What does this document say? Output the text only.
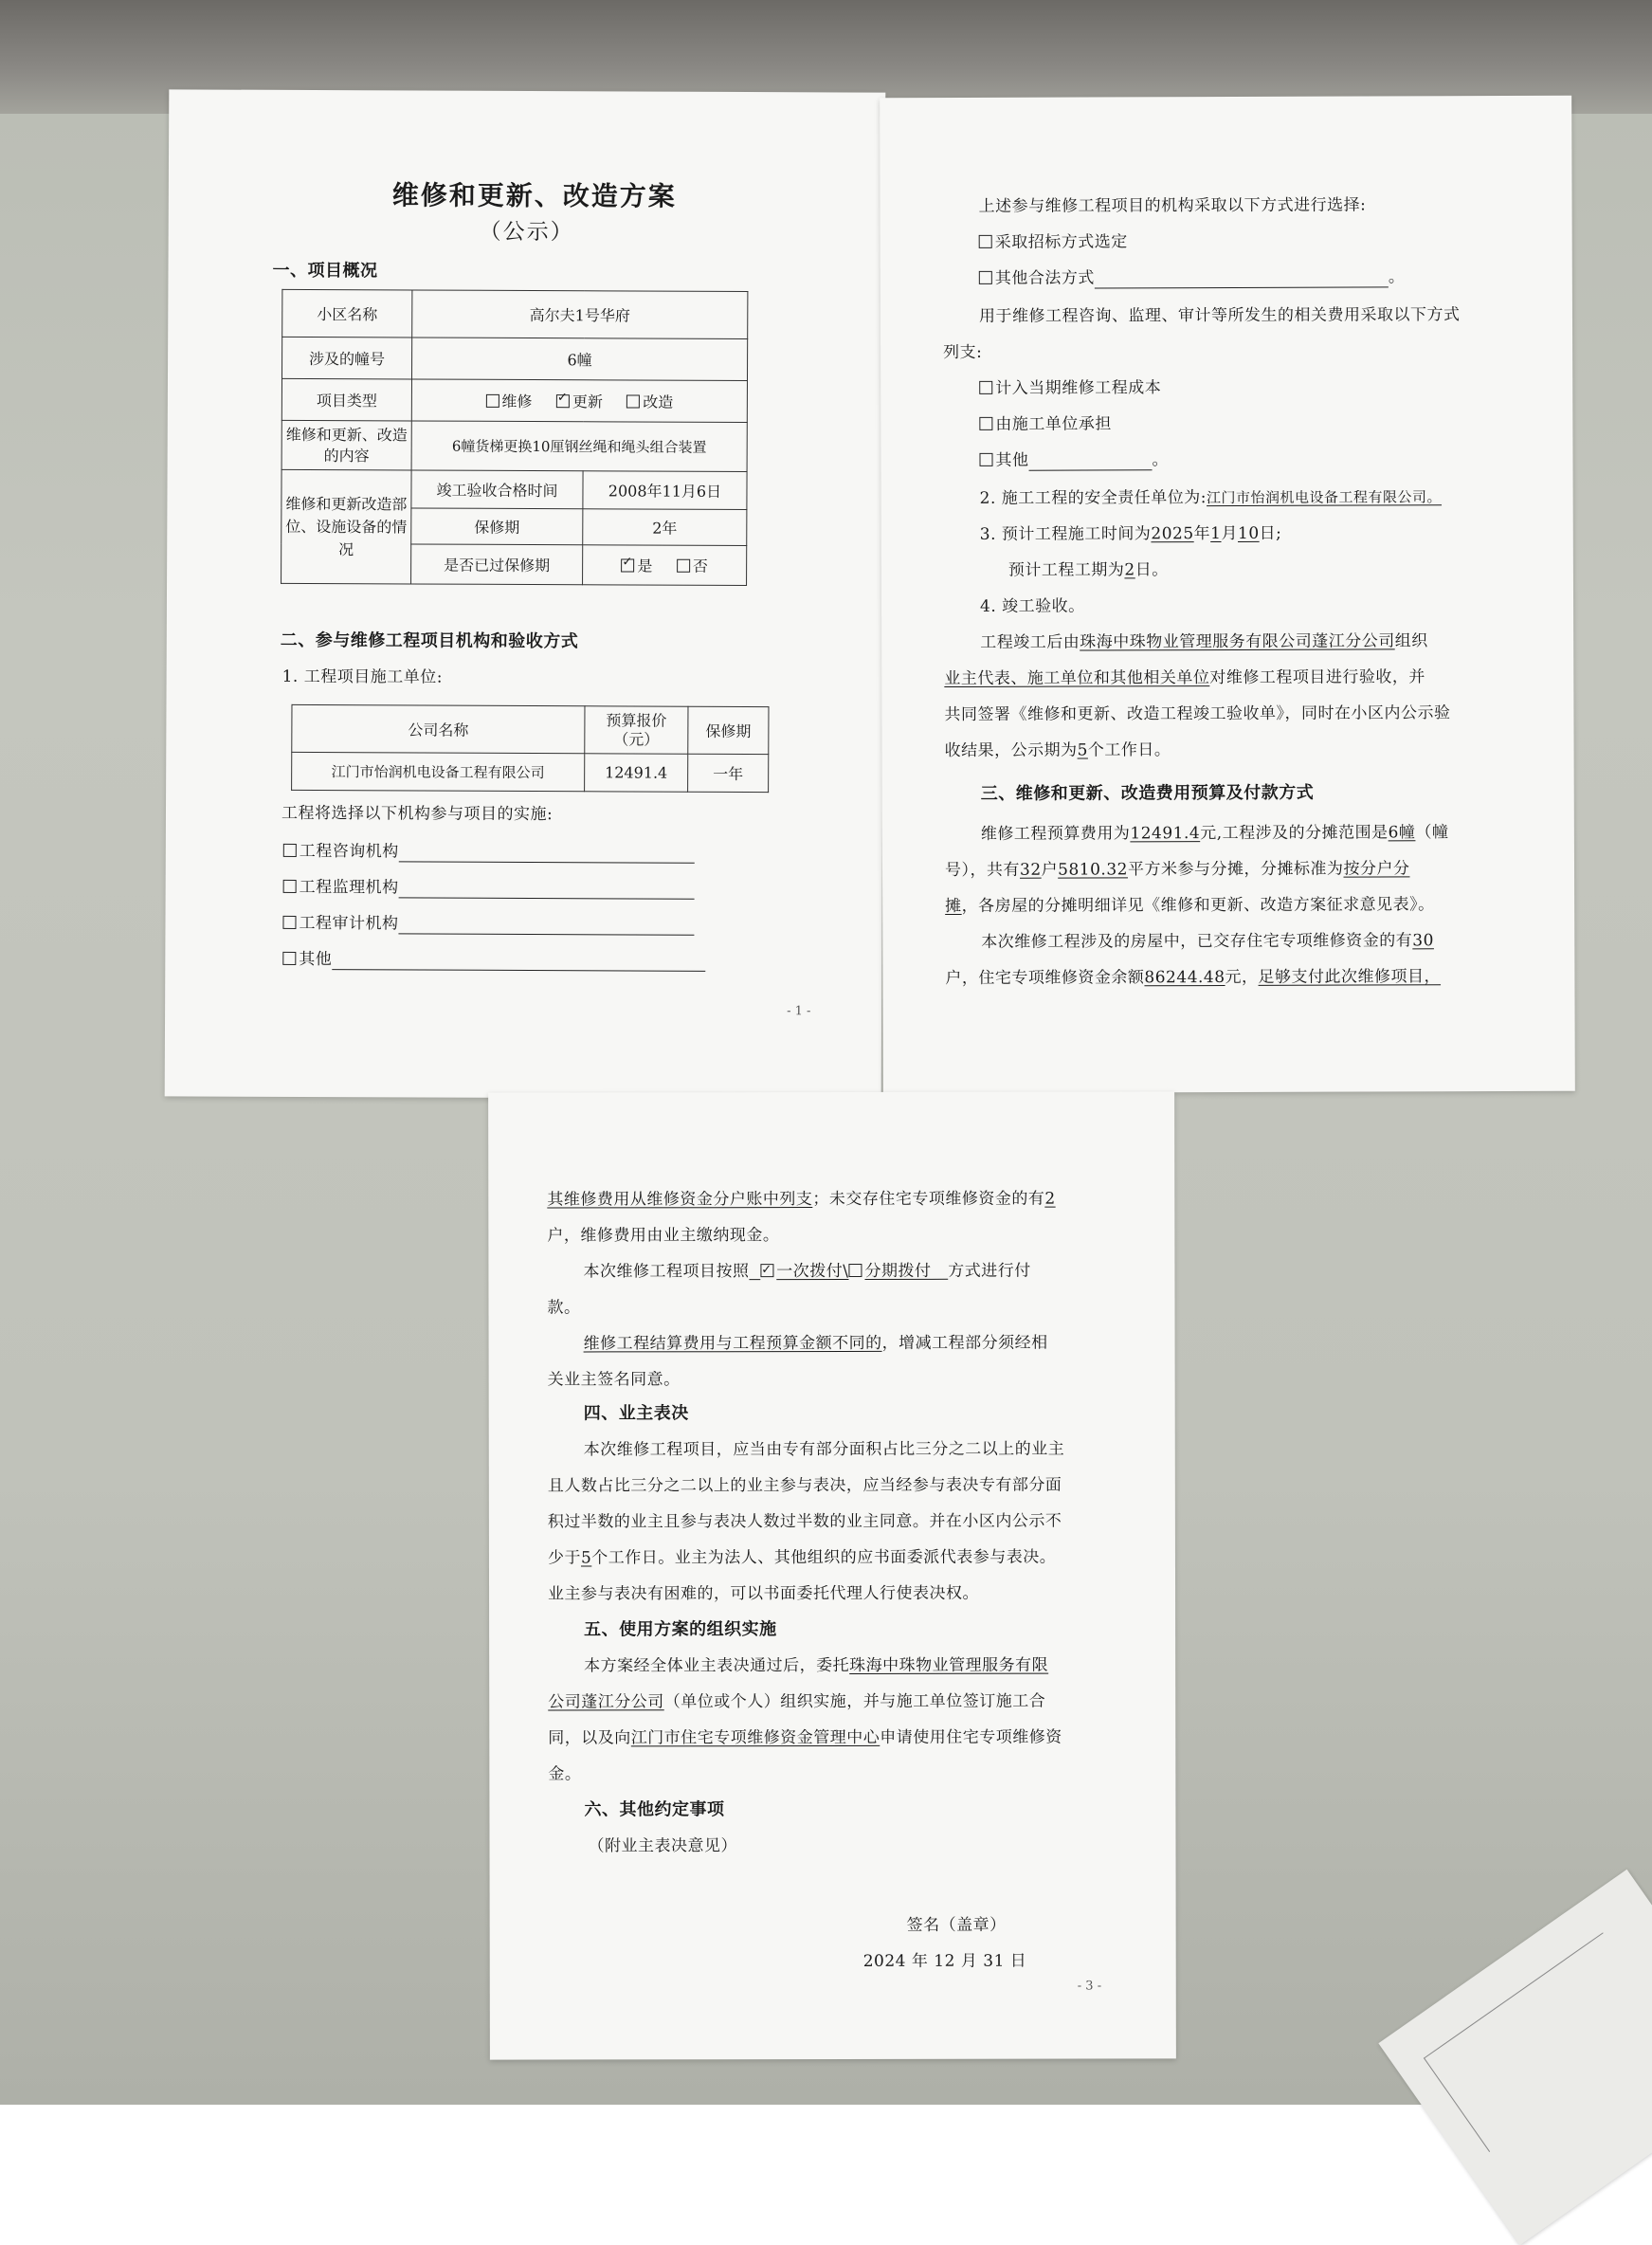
维修和更新、改造方案
（公示）
一、项目概况
小区名称	高尔夫1号华府	
涉及的幢号	6幢	
项目类型	维修 ✓ 更新 改造
维修和更新、改造的内容	6幢货梯更换10厘钢丝绳和绳头组合装置	
维修和更新改造部位、设施设备的情况	竣工验收合格时间	2008年11月6日
	保修期	2年
	是否已过保修期	✓是 否
二、参与维修工程项目机构和验收方式
1. 工程项目施工单位:
公司名称	预算报价（元）	保修期
江门市怡润机电设备工程有限公司	12491.4	一年
工程将选择以下机构参与项目的实施:
工程咨询机构
工程监理机构
工程审计机构
其他
- 1 -
上述参与维修工程项目的机构采取以下方式进行选择:
采取招标方式选定
其他合法方式	。
用于维修工程咨询、监理、审计等所发生的相关费用采取以下方式
列支:
计入当期维修工程成本
由施工单位承担
其他	。
2. 施工工程的安全责任单位为:江门市怡润机电设备工程有限公司。
3. 预计工程施工时间为2025年1月10日;
预计工程工期为2日。
4. 竣工验收。
工程竣工后由珠海中珠物业管理服务有限公司蓬江分公司组织
业主代表、施工单位和其他相关单位对维修工程项目进行验收，并
共同签署《维修和更新、改造工程竣工验收单》，同时在小区内公示验
收结果，公示期为5个工作日。
三、维修和更新、改造费用预算及付款方式
维修工程预算费用为12491.4元,工程涉及的分摊范围是6幢（幢
号），共有32户5810.32平方米参与分摊，分摊标准为按分户分
摊，各房屋的分摊明细详见《维修和更新、改造方案征求意见表》。
本次维修工程涉及的房屋中，已交存住宅专项维修资金的有30
户，住宅专项维修资金余额86244.48元，足够支付此次维修项目，
其维修费用从维修资金分户账中列支；未交存住宅专项维修资金的有2
户，维修费用由业主缴纳现金。
本次维修工程项目按照 ✓ 一次拨付\ 分期拨付 方式进行付
款。
维修工程结算费用与工程预算金额不同的，增减工程部分须经相
关业主签名同意。
四、业主表决
本次维修工程项目，应当由专有部分面积占比三分之二以上的业主
且人数占比三分之二以上的业主参与表决，应当经参与表决专有部分面
积过半数的业主且参与表决人数过半数的业主同意。并在小区内公示不
少于5个工作日。业主为法人、其他组织的应书面委派代表参与表决。
业主参与表决有困难的，可以书面委托代理人行使表决权。
五、使用方案的组织实施
本方案经全体业主表决通过后，委托珠海中珠物业管理服务有限
公司蓬江分公司（单位或个人）组织实施，并与施工单位签订施工合
同，以及向江门市住宅专项维修资金管理中心申请使用住宅专项维修资
金。
六、其他约定事项
（附业主表决意见）
签名（盖章）
2024 年 12 月 31 日
- 3 -
